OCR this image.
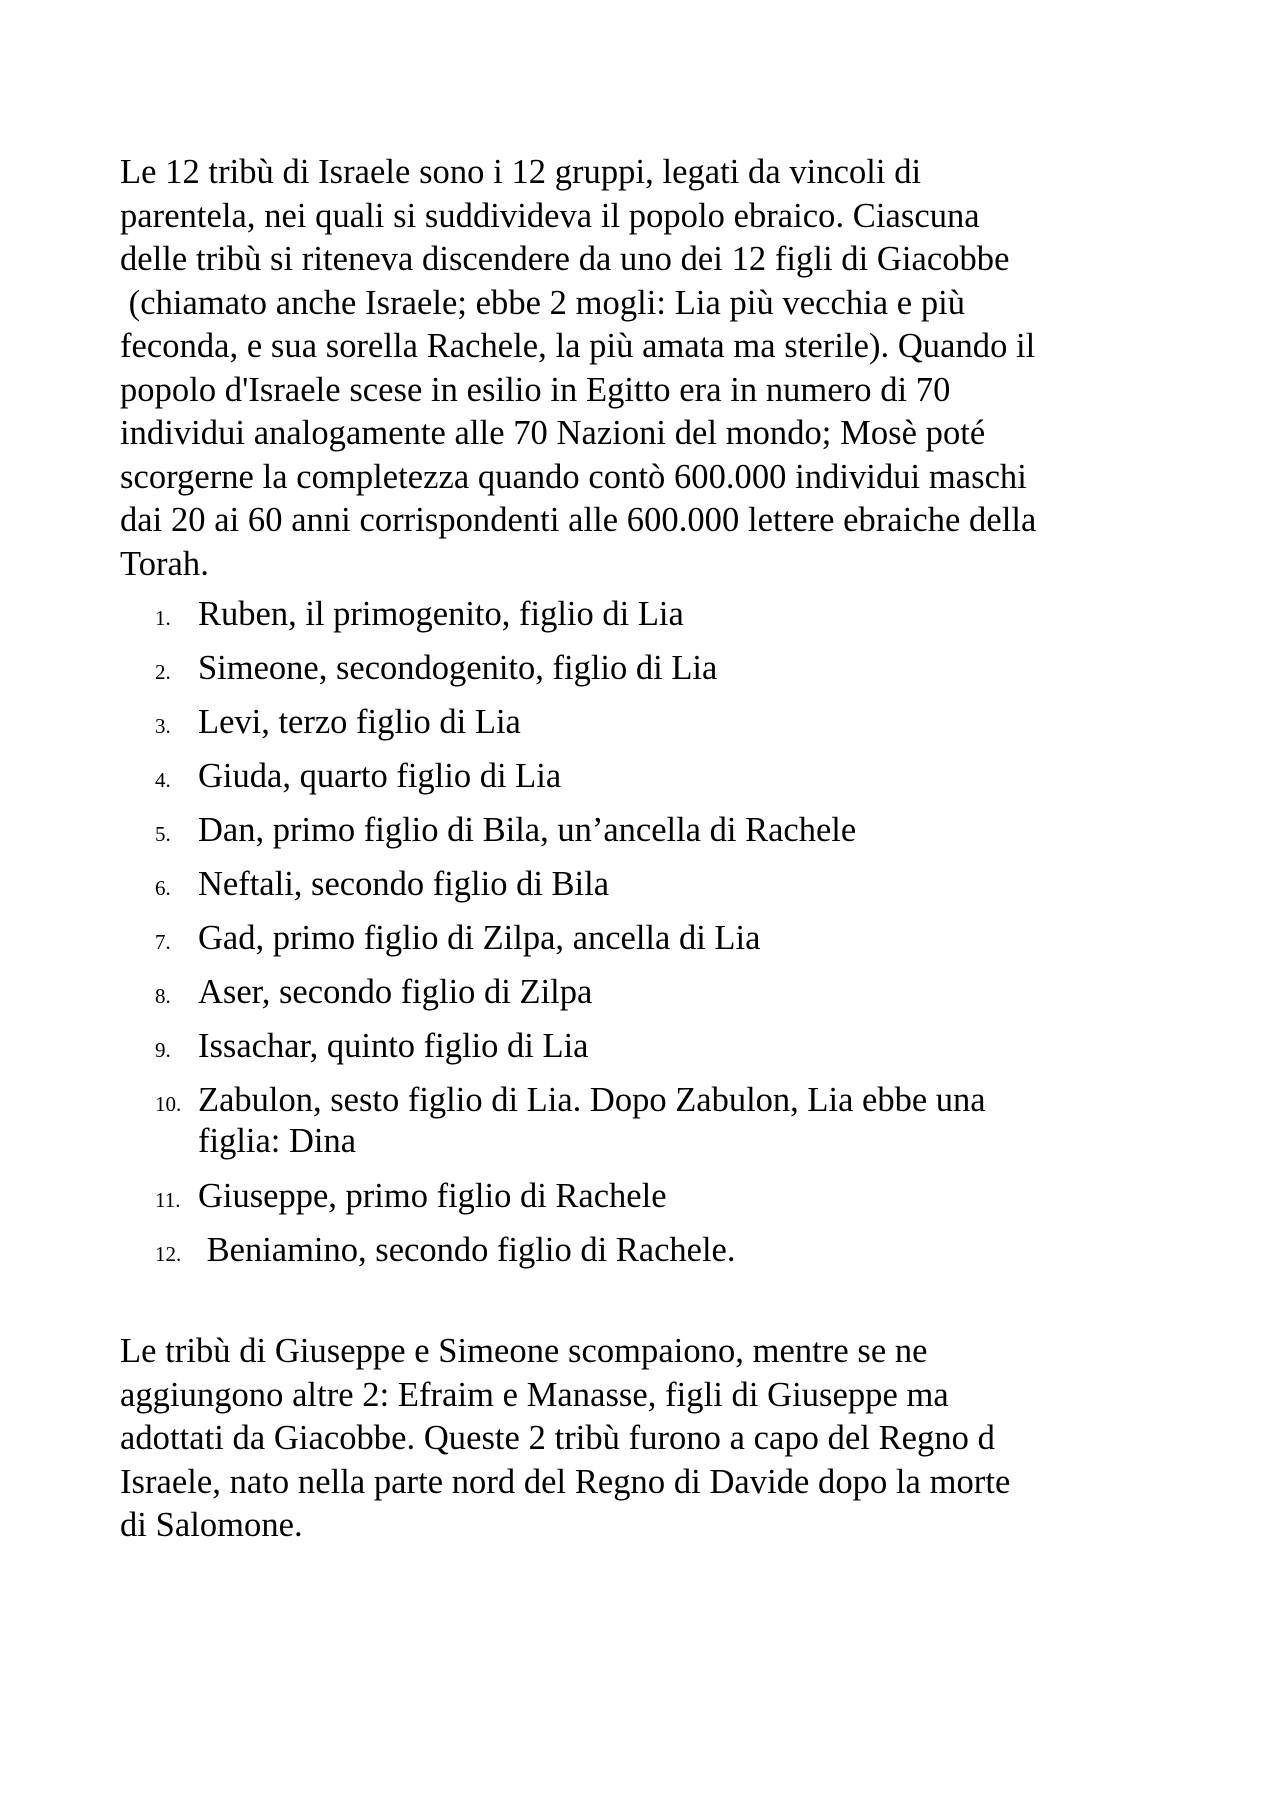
Le 12 tribù di Israele sono i 12 gruppi, legati da vincoli di
parentela, nei quali si suddivideva il popolo ebraico. Ciascuna
delle tribù si riteneva discendere da uno dei 12 figli di Giacobbe
(chiamato anche Israele; ebbe 2 mogli: Lia più vecchia e più
feconda, e sua sorella Rachele, la più amata ma sterile). Quando il
popolo d'Israele scese in esilio in Egitto era in numero di 70
individui analogamente alle 70 Nazioni del mondo; Mosè poté
scorgerne la completezza quando contò 600.000 individui maschi
dai 20 ai 60 anni corrispondenti alle 600.000 lettere ebraiche della
Torah.

1. Ruben, il primogenito, figlio di Lia
2. Simeone, secondogenito, figlio di Lia
3. Levi, terzo figlio di Lia
4. Giuda, quarto figlio di Lia
5. Dan, primo figlio di Bila, un’ancella di Rachele
6. Neftali, secondo figlio di Bila
7. Gad, primo figlio di Zilpa, ancella di Lia
8. Aser, secondo figlio di Zilpa
9. Issachar, quinto figlio di Lia
10. Zabulon, sesto figlio di Lia. Dopo Zabulon, Lia ebbe una
figlia: Dina
11. Giuseppe, primo figlio di Rachele
12. Beniamino, secondo figlio di Rachele.

Le tribù di Giuseppe e Simeone scompaiono, mentre se ne
aggiungono altre 2: Efraim e Manasse, figli di Giuseppe ma
adottati da Giacobbe. Queste 2 tribù furono a capo del Regno d
Israele, nato nella parte nord del Regno di Davide dopo la morte
di Salomone.
